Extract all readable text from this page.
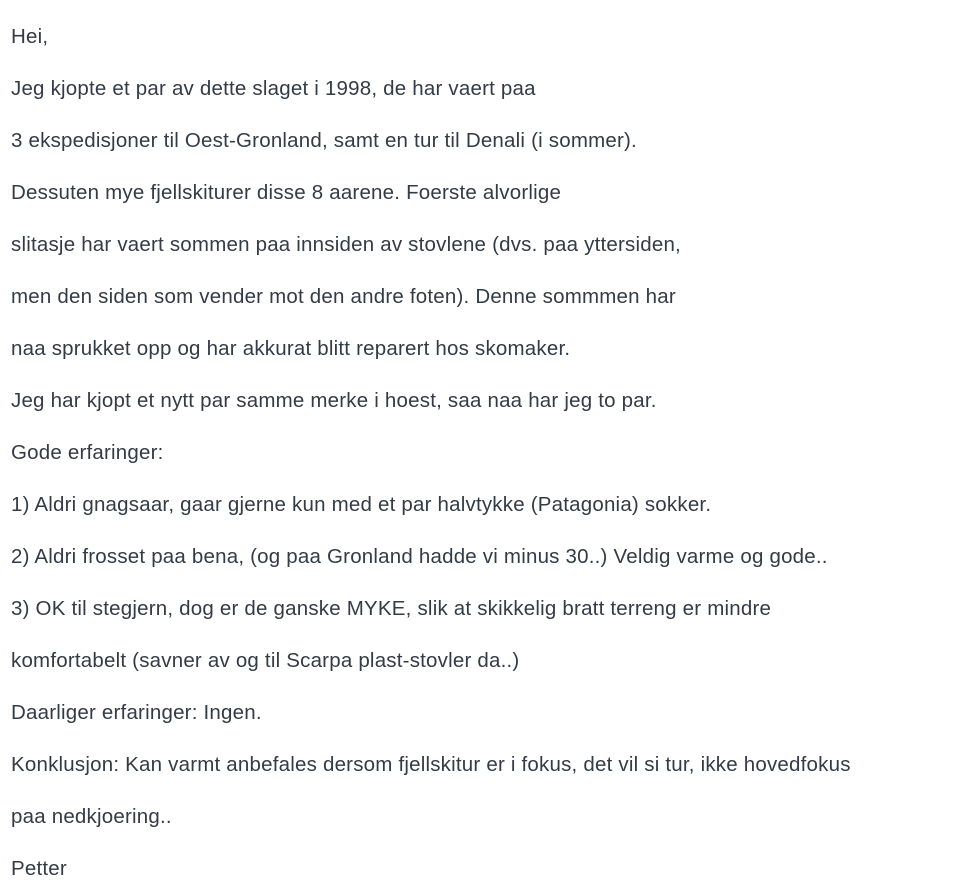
Hei,

Jeg kjopte et par av dette slaget i 1998, de har vaert paa

3 ekspedisjoner til Oest-Gronland, samt en tur til Denali (i sommer).

Dessuten mye fjellskiturer disse 8 aarene. Foerste alvorlige

slitasje har vaert sommen paa innsiden av stovlene (dvs. paa yttersiden,

men den siden som vender mot den andre foten). Denne sommmen har

naa sprukket opp og har akkurat blitt reparert hos skomaker.

Jeg har kjopt et nytt par samme merke i hoest, saa naa har jeg to par.

Gode erfaringer:

1) Aldri gnagsaar, gaar gjerne kun med et par halvtykke (Patagonia) sokker.

2) Aldri frosset paa bena, (og paa Gronland hadde vi minus 30..) Veldig varme og gode..

3) OK til stegjern, dog er de ganske MYKE, slik at skikkelig bratt terreng er mindre

komfortabelt (savner av og til Scarpa plast-stovler da..)

Daarliger erfaringer: Ingen.

Konklusjon: Kan varmt anbefales dersom fjellskitur er i fokus, det vil si tur, ikke hovedfokus

paa nedkjoering..

Petter
